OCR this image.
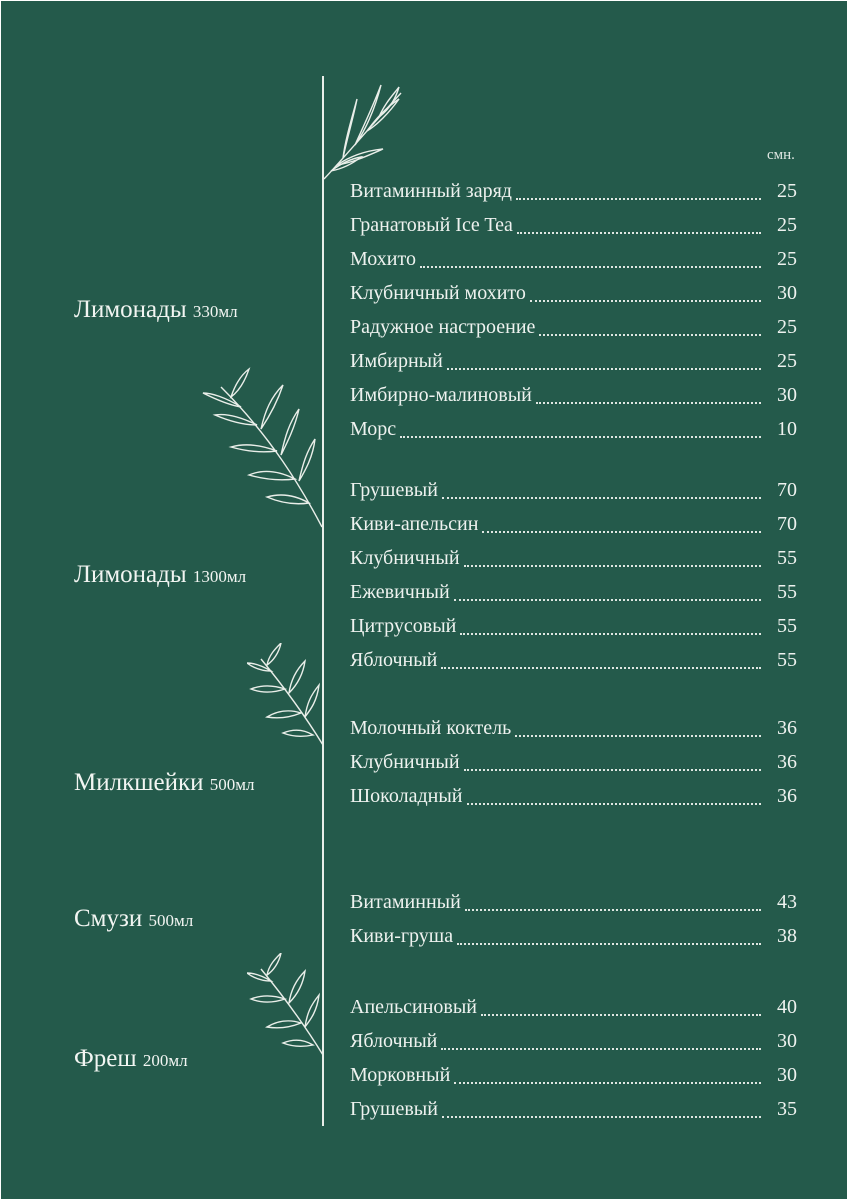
смн.
Лимонады 330мл
Лимонады 1300мл
Милкшейки 500мл
Смузи 500мл
Фреш 200мл
Витаминный заряд	25
Гранатовый Ice Tea	25
Мохито	25
Клубничный мохито	30
Радужное настроение	25
Имбирный	25
Имбирно-малиновый	30
Морс	10
Грушевый	70
Киви-апельсин	70
Клубничный	55
Ежевичный	55
Цитрусовый	55
Яблочный	55
Молочный коктель	36
Клубничный	36
Шоколадный	36
Витаминный	43
Киви-груша	38
Апельсиновый	40
Яблочный	30
Морковный	30
Грушевый	35
